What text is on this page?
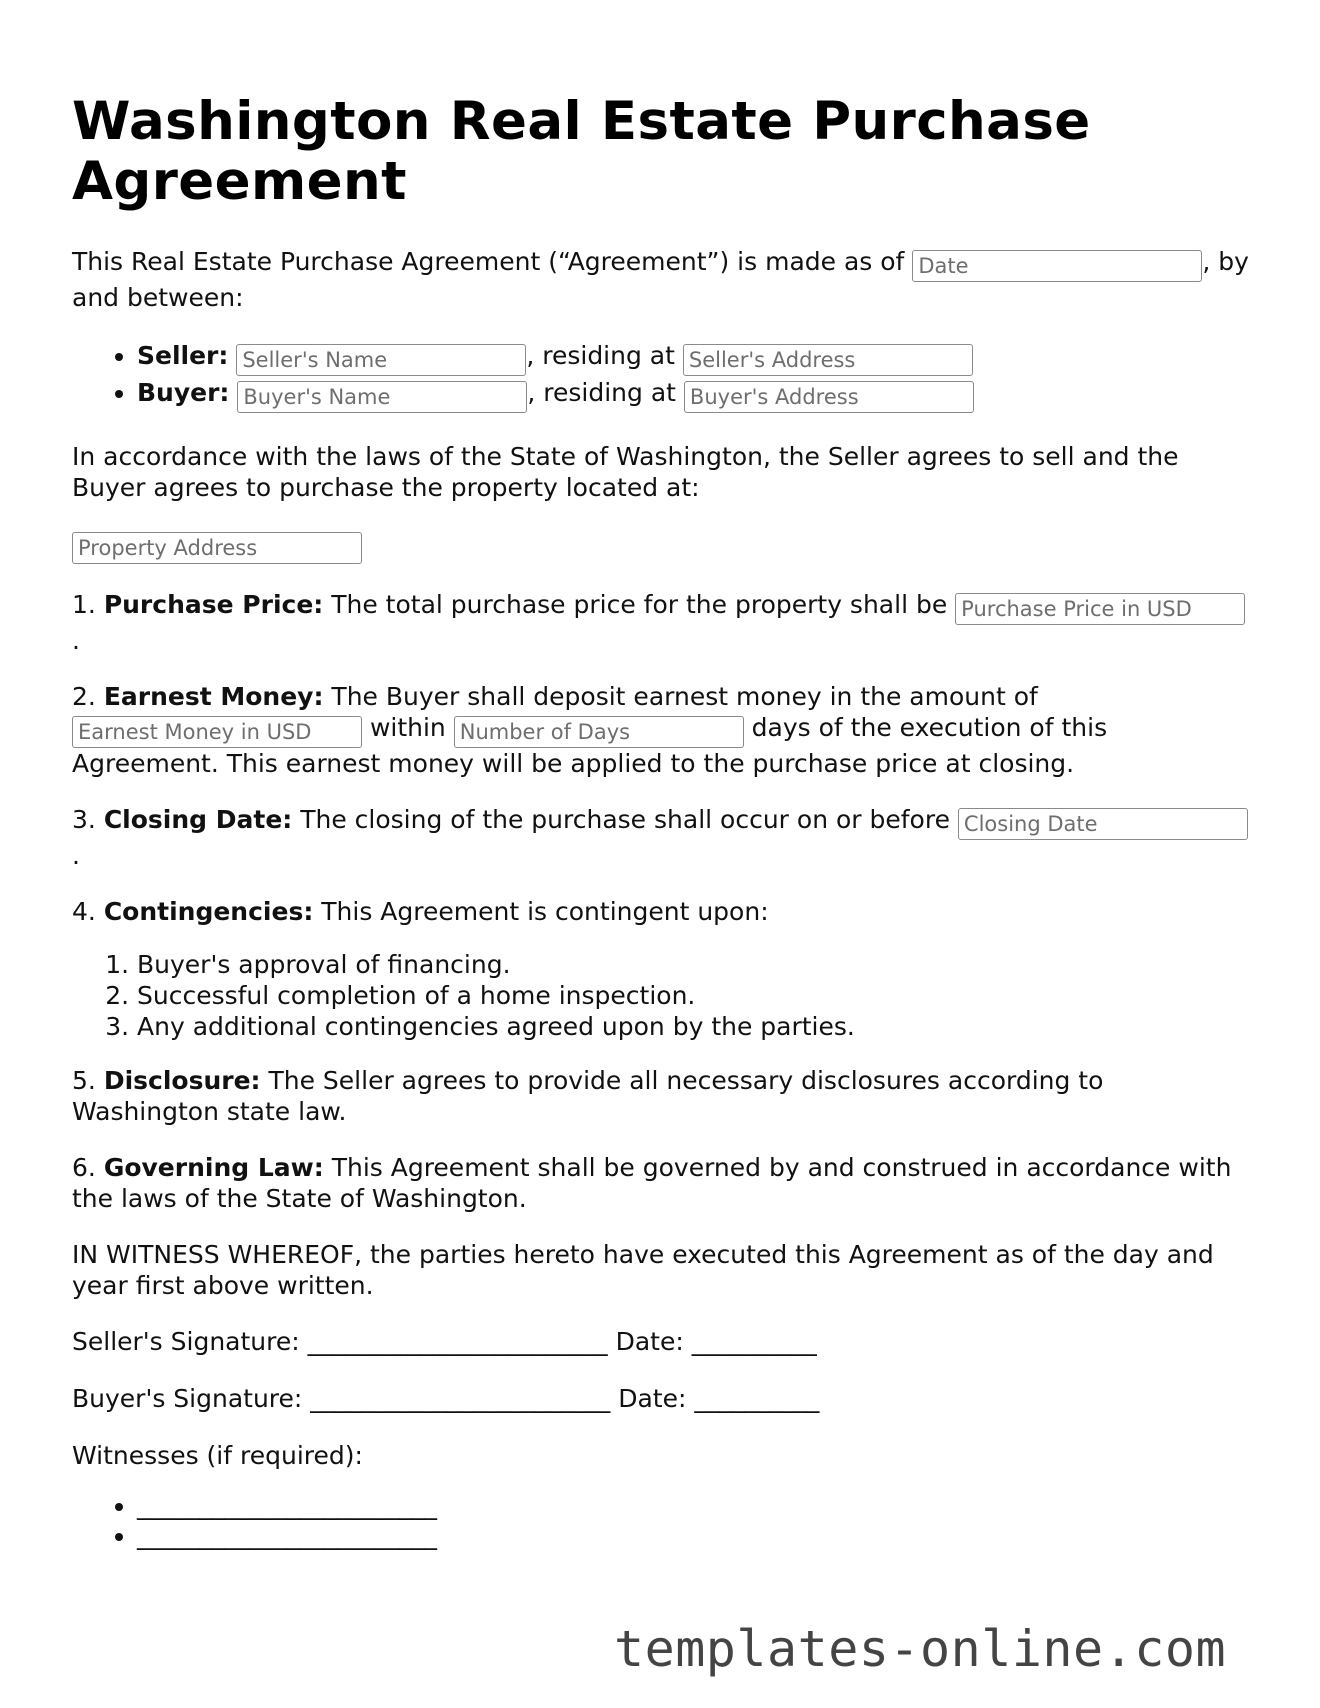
Washington Real Estate Purchase Agreement

This Real Estate Purchase Agreement (“Agreement”) is made as of Date	, by and between:

• Seller: Seller's Name	, residing at Seller's Address
• Buyer: Buyer's Name	, residing at Buyer's Address

In accordance with the laws of the State of Washington, the Seller agrees to sell and the Buyer agrees to purchase the property located at:

Property Address

1. Purchase Price: The total purchase price for the property shall be Purchase Price in USD.

2. Earnest Money: The Buyer shall deposit earnest money in the amount of Earnest Money in USD within Number of Days	days of the execution of this Agreement. This earnest money will be applied to the purchase price at closing.

3. Closing Date: The closing of the purchase shall occur on or before Closing Date.

4. Contingencies: This Agreement is contingent upon:

1. Buyer's approval of financing.
2. Successful completion of a home inspection.
3. Any additional contingencies agreed upon by the parties.

5. Disclosure: The Seller agrees to provide all necessary disclosures according to Washington state law.

6. Governing Law: This Agreement shall be governed by and construed in accordance with the laws of the State of Washington.

IN WITNESS WHEREOF, the parties hereto have executed this Agreement as of the day and year first above written.

Seller's Signature: ________________________ Date: __________

Buyer's Signature: ________________________ Date: __________

Witnesses (if required):

• ________________________
• ________________________
templates-online.com
